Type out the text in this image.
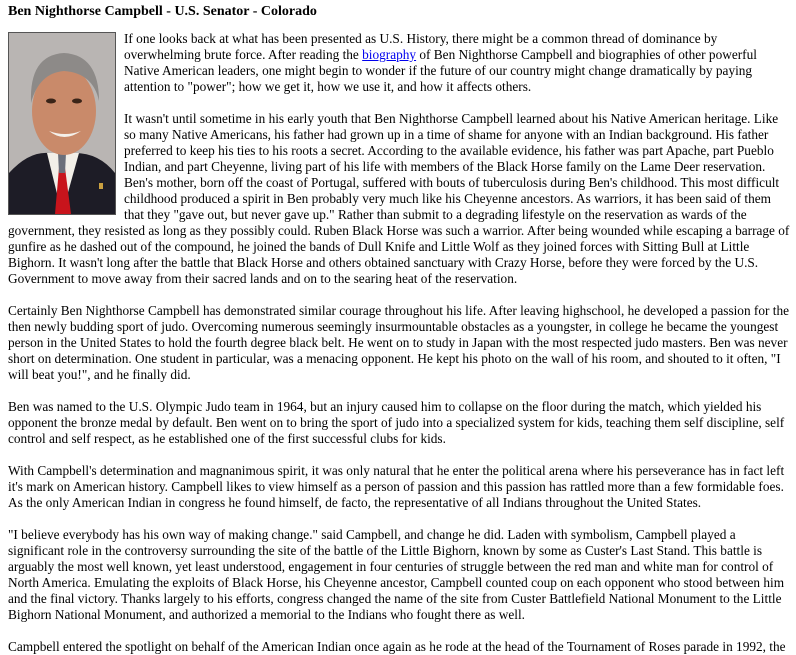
Ben Nighthorse Campbell - U.S. Senator - Colorado

If one looks back at what has been presented as U.S. History, there might be a common thread of dominance by overwhelming brute force. After reading the biography of Ben Nighthorse Campbell and biographies of other powerful Native American leaders, one might begin to wonder if the future of our country might change dramatically by paying attention to "power"; how we get it, how we use it, and how it affects others.

It wasn't until sometime in his early youth that Ben Nighthorse Campbell learned about his Native American heritage. Like so many Native Americans, his father had grown up in a time of shame for anyone with an Indian background. His father preferred to keep his ties to his roots a secret. According to the available evidence, his father was part Apache, part Pueblo Indian, and part Cheyenne, living part of his life with members of the Black Horse family on the Lame Deer reservation. Ben's mother, born off the coast of Portugal, suffered with bouts of tuberculosis during Ben's childhood. This most difficult childhood produced a spirit in Ben probably very much like his Cheyenne ancestors. As warriors, it has been said of them that they "gave out, but never gave up." Rather than submit to a degrading lifestyle on the reservation as wards of the government, they resisted as long as they possibly could. Ruben Black Horse was such a warrior. After being wounded while escaping a barrage of gunfire as he dashed out of the compound, he joined the bands of Dull Knife and Little Wolf as they joined forces with Sitting Bull at Little Bighorn. It wasn't long after the battle that Black Horse and others obtained sanctuary with Crazy Horse, before they were forced by the U.S. Government to move away from their sacred lands and on to the searing heat of the reservation.

Certainly Ben Nighthorse Campbell has demonstrated similar courage throughout his life. After leaving highschool, he developed a passion for the then newly budding sport of judo. Overcoming numerous seemingly insurmountable obstacles as a youngster, in college he became the youngest person in the United States to hold the fourth degree black belt. He went on to study in Japan with the most respected judo masters. Ben was never short on determination. One student in particular, was a menacing opponent. He kept his photo on the wall of his room, and shouted to it often, "I will beat you!", and he finally did.

Ben was named to the U.S. Olympic Judo team in 1964, but an injury caused him to collapse on the floor during the match, which yielded his opponent the bronze medal by default. Ben went on to bring the sport of judo into a specialized system for kids, teaching them self discipline, self control and self respect, as he established one of the first successful clubs for kids.

With Campbell's determination and magnanimous spirit, it was only natural that he enter the political arena where his perseverance has in fact left it's mark on American history. Campbell likes to view himself as a person of passion and this passion has rattled more than a few formidable foes. As the only American Indian in congress he found himself, de facto, the representative of all Indians throughout the United States.

"I believe everybody has his own way of making change." said Campbell, and change he did. Laden with symbolism, Campbell played a significant role in the controversy surrounding the site of the battle of the Little Bighorn, known by some as Custer's Last Stand. This battle is arguably the most well known, yet least understood, engagement in four centuries of struggle between the red man and white man for control of North America. Emulating the exploits of Black Horse, his Cheyenne ancestor, Campbell counted coup on each opponent who stood between him and the final victory. Thanks largely to his efforts, congress changed the name of the site from Custer Battlefield National Monument to the Little Bighorn National Monument, and authorized a memorial to the Indians who fought there as well.

Campbell entered the spotlight on behalf of the American Indian once again as he rode at the head of the Tournament of Roses parade in 1992, the
